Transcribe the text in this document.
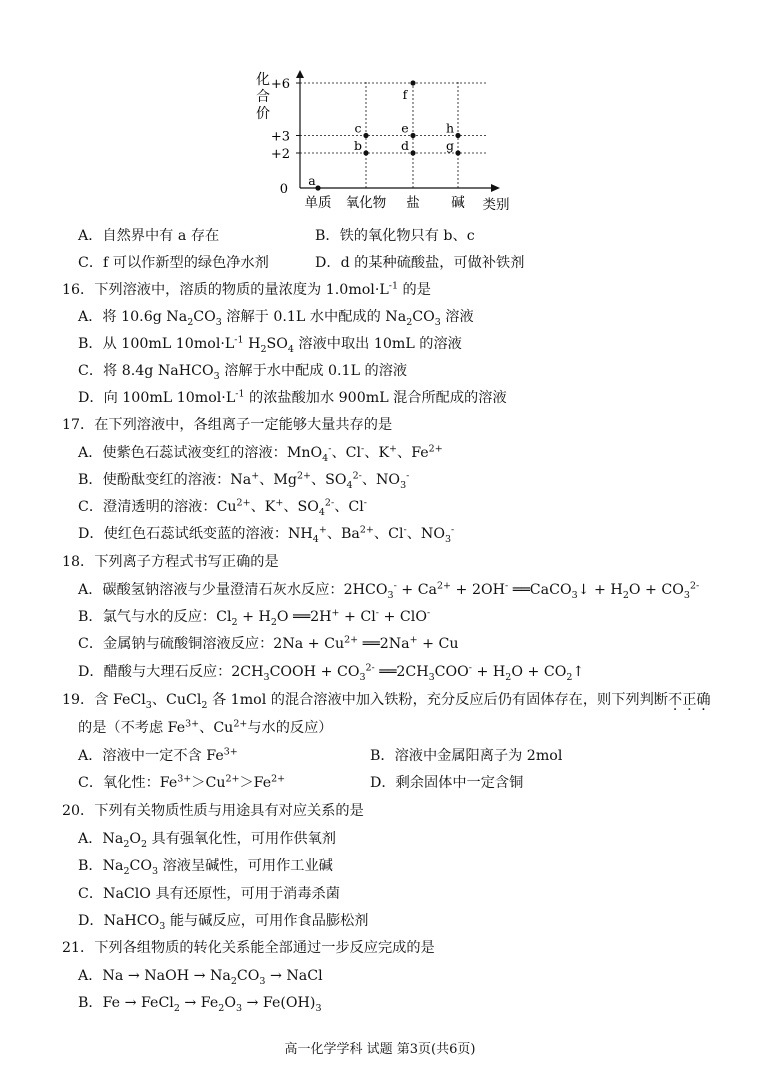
a
b
c
d
e
f
g
h
化
合
价
+6
+3
+2
0
单质 氧化物 盐 碱 类别
A．自然界中有 a 存在	B．铁的氧化物只有 b、c
C．f 可以作新型的绿色净水剂	D．d 的某种硫酸盐，可做补铁剂
16．下列溶液中，溶质的物质的量浓度为 $1.0mol\cdot L^{-1}$ 的是
A．将 10.6g $Na_2CO_3$ 溶解于 0.1L 水中配成的 $Na_2CO_3$ 溶液
B．从 100mL $10mol\cdot L^{-1}$ $H_2SO_4$ 溶液中取出 10mL 的溶液
C．将 8.4g NaHCO$_3$ 溶解于水中配成 0.1L 的溶液
D．向 100mL $10mol\cdot L^{-1}$ 的浓盐酸加水 900mL 混合所配成的溶液
17．在下列溶液中，各组离子一定能够大量共存的是
A．使紫色石蕊试液变红的溶液：MnO$_4$-、Cl-、K+、$Fe^{2+}$
B．使酚酞变红的溶液：Na+、$Mg^{2+}$、$SO_4^{2-}$、$NO_3^-$
C．澄清透明的溶液：$Cu^{2+}$、K+、$SO_4^{2-}$、Cl-
D．使红色石蕊试纸变蓝的溶液：$NH_4^+$、$Ba^{2+}$、Cl-、$NO_3^-$
18．下列离子方程式书写正确的是
A．碳酸氢钠溶液与少量澄清石灰水反应：$2HCO_3^- + Ca^{2+} + 2OH^-$ ══CaCO$_3$↓ + $H_2O + CO_3^{2-}$
B．氯气与水的反应：$Cl_2 + H_2O$ ══2H+ + Cl- + ClO-
C．金属钠与硫酸铜溶液反应：$2Na + Cu^{2+}$ ══2Na+ + Cu
D．醋酸与大理石反应：$2CH_3COOH + CO_3^{2-}$ $══2CH_3COO^- + H_2O$ + $CO_2↑$
19．含 FeCl$_3$、CuCl$_2$ 各 1mol 的混合溶液中加入铁粉，充分反应后仍有固体存在，则下列判断不正确
的是（不考虑 $Fe^{3+}$、$Cu^{2+}$与水的反应）
A．溶液中一定不含 $Fe^{3+}$	B．溶液中金属阳离子为 2mol
C．氧化性：$Fe^{3+}>Cu^{2+}>Fe^{2+}$	D．剩余固体中一定含铜
20．下列有关物质性质与用途具有对应关系的是
A．$Na_2O_2$ 具有强氧化性，可用作供氧剂
B．$Na_2CO_3$ 溶液呈碱性，可用作工业碱
C．NaClO 具有还原性，可用于消毒杀菌
D．NaHCO$_3$ 能与碱反应，可用作食品膨松剂
21．下列各组物质的转化关系能全部通过一步反应完成的是
A．Na → NaOH → $Na_2CO_3$ → NaCl
B．Fe → FeCl$_2$ → $Fe_2O_3 \to Fe(OH)_3$
高一化学学科 试题 第3页(共6页)
